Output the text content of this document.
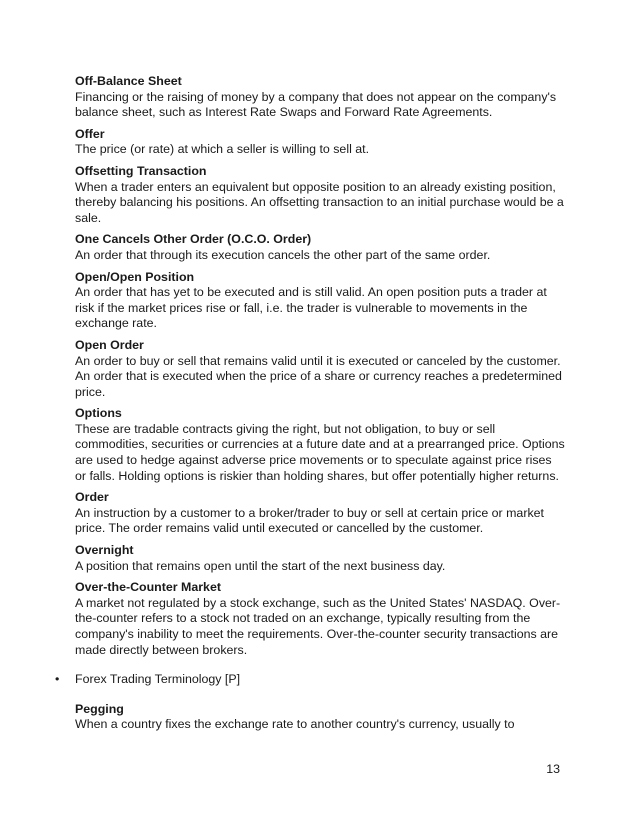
Off-Balance Sheet
Financing or the raising of money by a company that does not appear on the company's balance sheet, such as Interest Rate Swaps and Forward Rate Agreements.
Offer
The price (or rate) at which a seller is willing to sell at.
Offsetting Transaction
When a trader enters an equivalent but opposite position to an already existing position, thereby balancing his positions. An offsetting transaction to an initial purchase would be a sale.
One Cancels Other Order (O.C.O. Order)
An order that through its execution cancels the other part of the same order.
Open/Open Position
An order that has yet to be executed and is still valid. An open position puts a trader at risk if the market prices rise or fall, i.e. the trader is vulnerable to movements in the exchange rate.
Open Order
An order to buy or sell that remains valid until it is executed or canceled by the customer. An order that is executed when the price of a share or currency reaches a predetermined price.
Options
These are tradable contracts giving the right, but not obligation, to buy or sell commodities, securities or currencies at a future date and at a prearranged price. Options are used to hedge against adverse price movements or to speculate against price rises or falls. Holding options is riskier than holding shares, but offer potentially higher returns.
Order
An instruction by a customer to a broker/trader to buy or sell at certain price or market price. The order remains valid until executed or cancelled by the customer.
Overnight
A position that remains open until the start of the next business day.
Over-the-Counter Market
A market not regulated by a stock exchange, such as the United States' NASDAQ. Over-the-counter refers to a stock not traded on an exchange, typically resulting from the company's inability to meet the requirements. Over-the-counter security transactions are made directly between brokers.
• Forex Trading Terminology [P]
Pegging
When a country fixes the exchange rate to another country's currency, usually to
13
